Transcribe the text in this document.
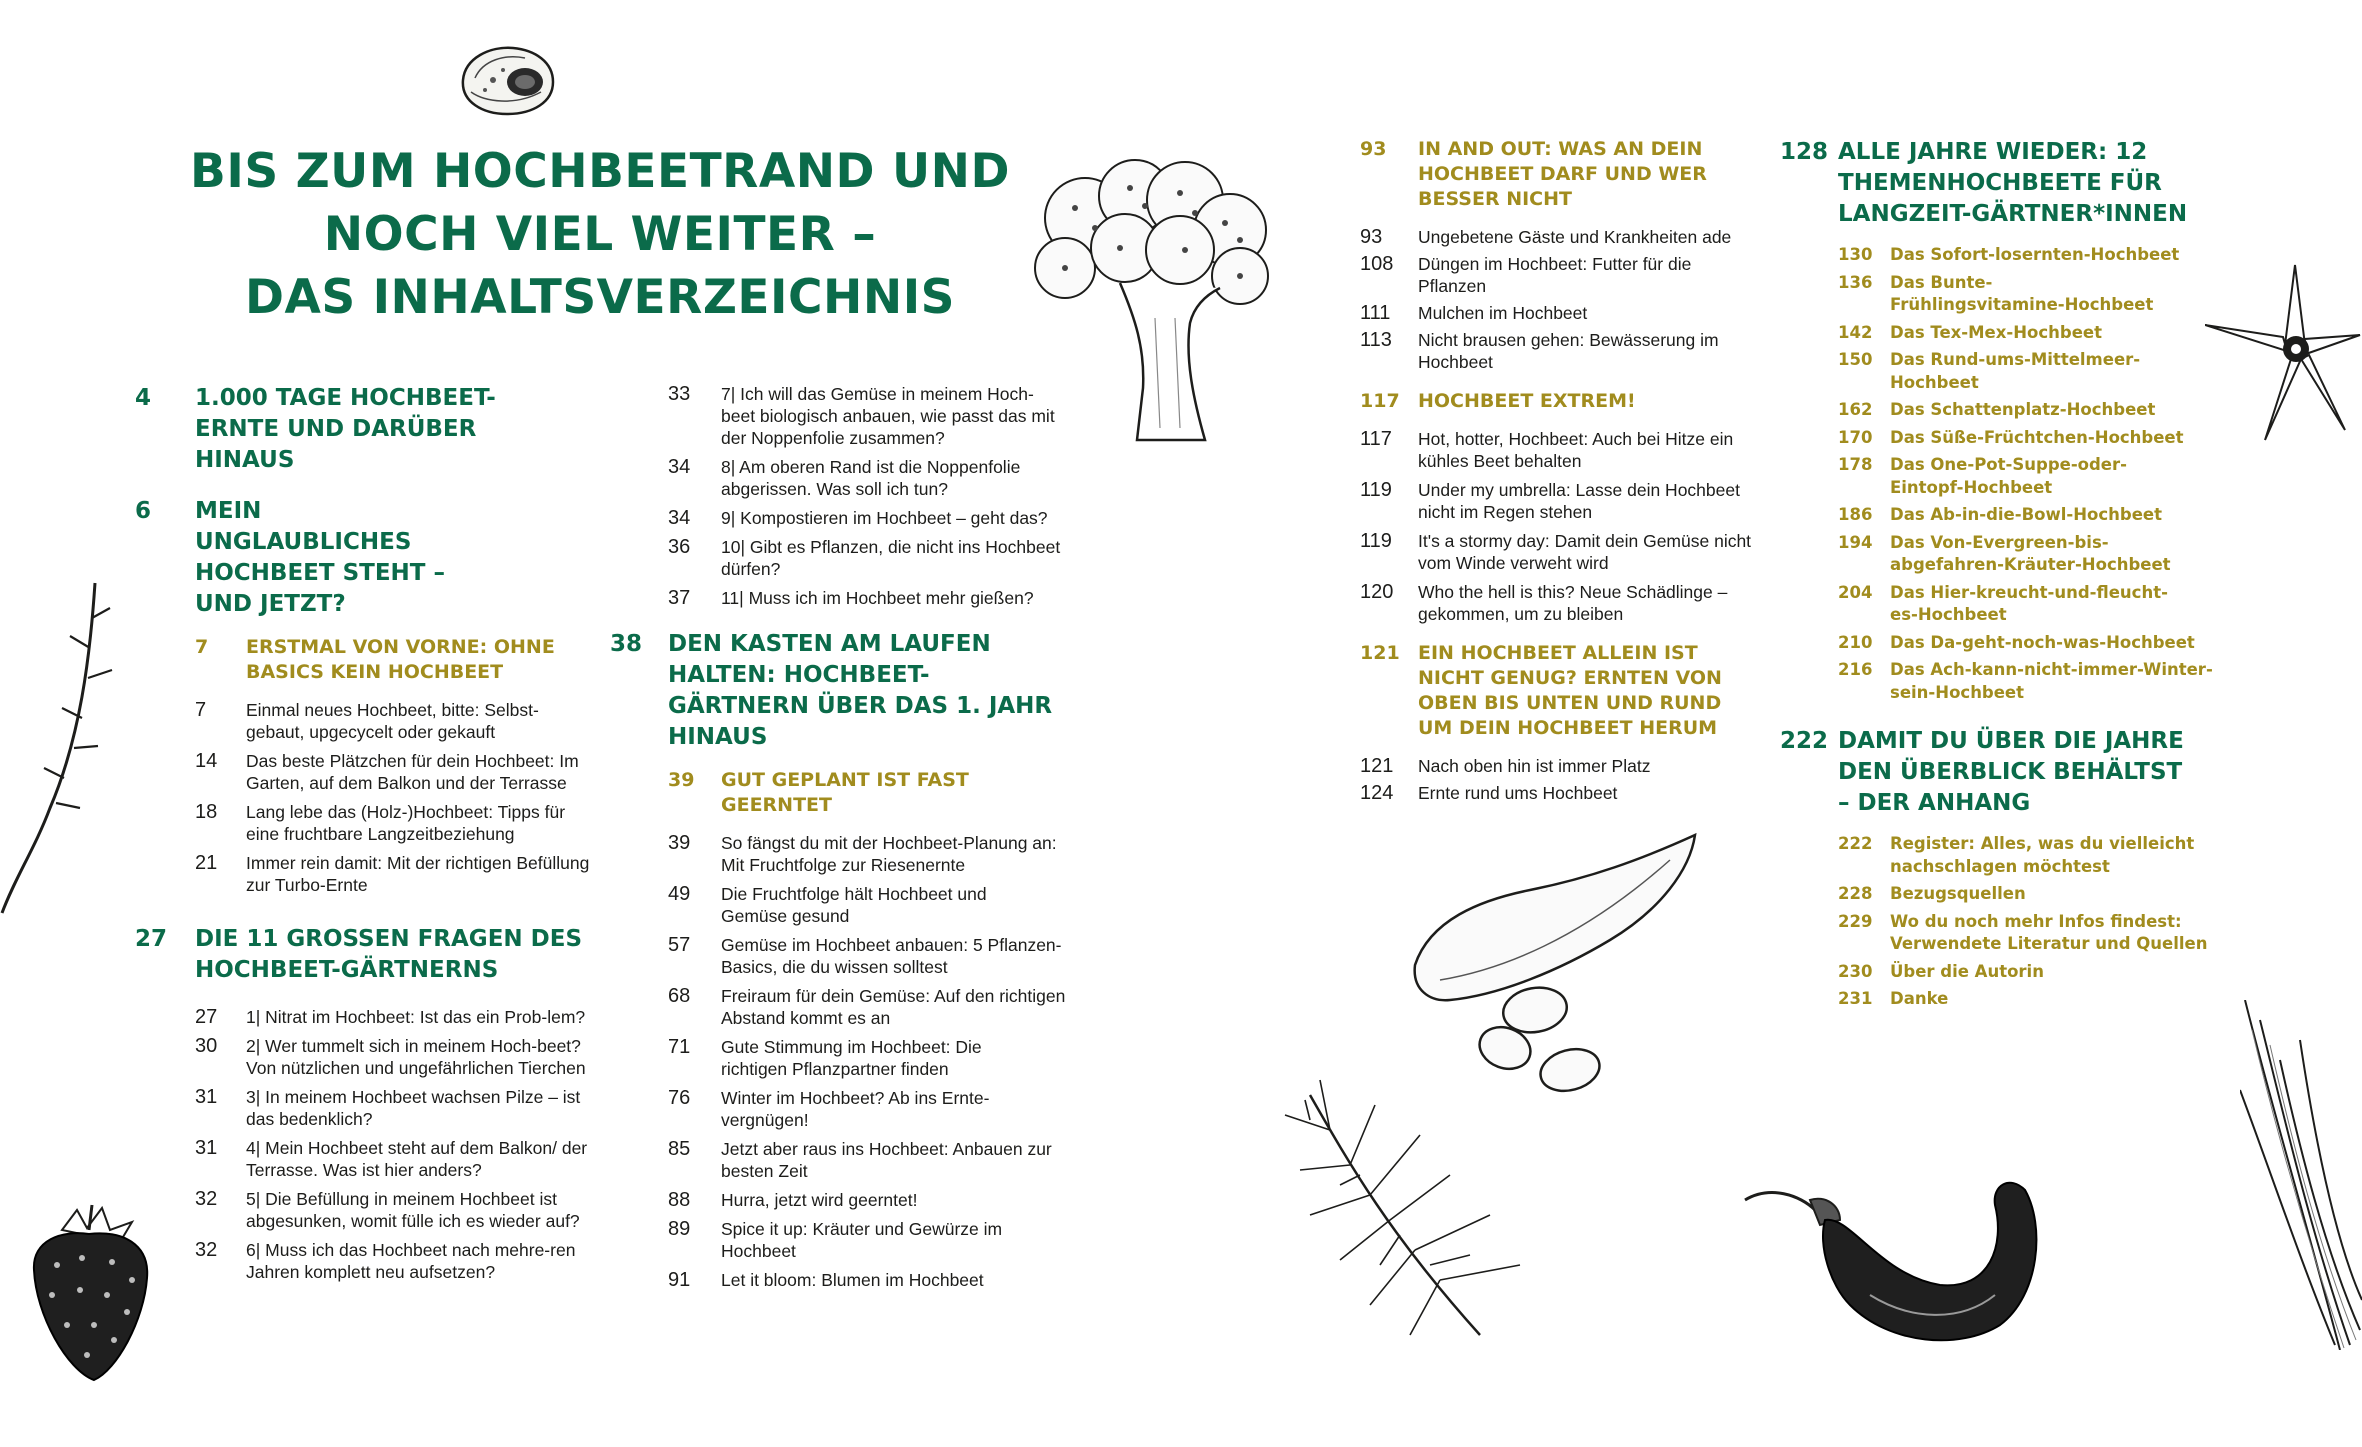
BIS ZUM HOCHBEETRAND UND
NOCH VIEL WEITER –
DAS INHALTSVERZEICHNIS
4	1.000 TAGE HOCHBEET-ERNTE UND DARÜBER HINAUS
6	MEIN UNGLAUBLICHES HOCHBEET STEHT – UND JETZT?
7 ERSTMAL VON VORNE: OHNE BASICS KEIN HOCHBEET
7 Einmal neues Hochbeet, bitte: Selbst-gebaut, upgecycelt oder gekauft
14 Das beste Plätzchen für dein Hochbeet: Im Garten, auf dem Balkon und der Terrasse
18 Lang lebe das (Holz-)Hochbeet: Tipps für eine fruchtbare Langzeitbeziehung
21 Immer rein damit: Mit der richtigen Befüllung zur Turbo-Ernte
27	DIE 11 GROSSEN FRAGEN DES HOCHBEET-GÄRTNERNS
27 1| Nitrat im Hochbeet: Ist das ein Prob-lem?
30 2| Wer tummelt sich in meinem Hoch-beet? Von nützlichen und ungefährlichen Tierchen
31 3| In meinem Hochbeet wachsen Pilze – ist das bedenklich?
31 4| Mein Hochbeet steht auf dem Balkon/ der Terrasse. Was ist hier anders?
32 5| Die Befüllung in meinem Hochbeet ist abgesunken, womit fülle ich es wieder auf?
32 6| Muss ich das Hochbeet nach mehre-ren Jahren komplett neu aufsetzen?
33 7| Ich will das Gemüse in meinem Hoch-beet biologisch anbauen, wie passt das mit der Noppenfolie zusammen?
34 8| Am oberen Rand ist die Noppenfolie abgerissen. Was soll ich tun?
34 9| Kompostieren im Hochbeet – geht das?
36 10| Gibt es Pflanzen, die nicht ins Hochbeet dürfen?
37 11| Muss ich im Hochbeet mehr gießen?
38	DEN KASTEN AM LAUFEN HALTEN: HOCHBEET-GÄRTNERN ÜBER DAS 1. JAHR HINAUS
39 GUT GEPLANT IST FAST GEERNTET
39 So fängst du mit der Hochbeet-Planung an: Mit Fruchtfolge zur Riesenernte
49 Die Fruchtfolge hält Hochbeet und Gemüse gesund
57 Gemüse im Hochbeet anbauen: 5 Pflanzen-Basics, die du wissen solltest
68 Freiraum für dein Gemüse: Auf den richtigen Abstand kommt es an
71 Gute Stimmung im Hochbeet: Die richtigen Pflanzpartner finden
76 Winter im Hochbeet? Ab ins Ernte-vergnügen!
85 Jetzt aber raus ins Hochbeet: Anbauen zur besten Zeit
88 Hurra, jetzt wird geerntet!
89 Spice it up: Kräuter und Gewürze im Hochbeet
91 Let it bloom: Blumen im Hochbeet
93 IN AND OUT: WAS AN DEIN HOCHBEET DARF UND WER BESSER NICHT
93 Ungebetene Gäste und Krankheiten ade
108 Düngen im Hochbeet: Futter für die Pflanzen
111 Mulchen im Hochbeet
113 Nicht brausen gehen: Bewässerung im Hochbeet
117 HOCHBEET EXTREM!
117 Hot, hotter, Hochbeet: Auch bei Hitze ein kühles Beet behalten
119 Under my umbrella: Lasse dein Hochbeet nicht im Regen stehen
119 It's a stormy day: Damit dein Gemüse nicht vom Winde verweht wird
120 Who the hell is this? Neue Schädlinge – gekommen, um zu bleiben
121 EIN HOCHBEET ALLEIN IST NICHT GENUG? ERNTEN VON OBEN BIS UNTEN UND RUND UM DEIN HOCHBEET HERUM
121 Nach oben hin ist immer Platz
124 Ernte rund ums Hochbeet
128 ALLE JAHRE WIEDER: 12 THEMENHOCHBEETE FÜR LANGZEIT-GÄRTNER*INNEN
130 Das Sofort-losernten-Hochbeet
136 Das Bunte-Frühlingsvitamine-Hochbeet
142 Das Tex-Mex-Hochbeet
150 Das Rund-ums-Mittelmeer-Hochbeet
162 Das Schattenplatz-Hochbeet
170 Das Süße-Früchtchen-Hochbeet
178 Das One-Pot-Suppe-oder-Eintopf-Hochbeet
186 Das Ab-in-die-Bowl-Hochbeet
194 Das Von-Evergreen-bis-abgefahren-Kräuter-Hochbeet
204 Das Hier-kreucht-und-fleucht-es-Hochbeet
210 Das Da-geht-noch-was-Hochbeet
216 Das Ach-kann-nicht-immer-Winter-sein-Hochbeet
222 DAMIT DU ÜBER DIE JAHRE DEN ÜBERBLICK BEHÄLTST – DER ANHANG
222 Register: Alles, was du vielleicht nachschlagen möchtest
228 Bezugsquellen
229 Wo du noch mehr Infos findest: Verwendete Literatur und Quellen
230 Über die Autorin
231 Danke
